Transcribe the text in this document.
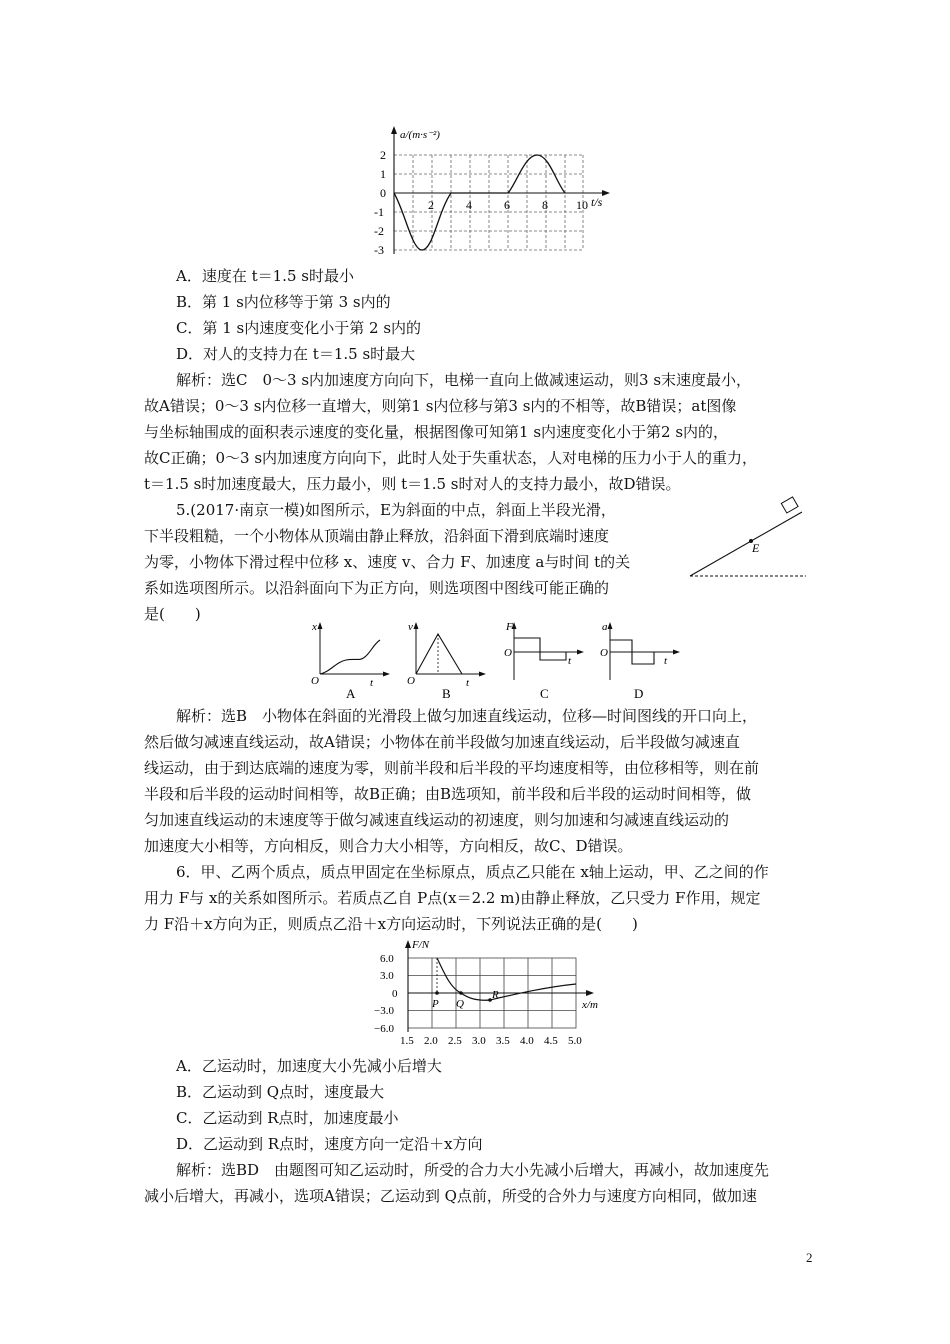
a/(m·s⁻²)
t/s
2
1
0
-1
-2
-3
2	4	6	8 10
A．速度在 t＝1.5 s时最小
B．第 1 s内位移等于第 3 s内的
C．第 1 s内速度变化小于第 2 s内的
D．对人的支持力在 t＝1.5 s时最大
解析：选C　0～3 s内加速度方向向下，电梯一直向上做减速运动，则3 s末速度最小，
故A错误；0～3 s内位移一直增大，则第1 s内位移与第3 s内的不相等，故B错误；at图像
与坐标轴围成的面积表示速度的变化量，根据图像可知第1 s内速度变化小于第2 s内的，
故C正确；0～3 s内加速度方向向下，此时人处于失重状态，人对电梯的压力小于人的重力，
t＝1.5 s时加速度最大，压力最小，则 t＝1.5 s时对人的支持力最小，故D错误。
5.(2017·南京一模)如图所示，E为斜面的中点，斜面上半段光滑，
下半段粗糙，一个小物体从顶端由静止释放，沿斜面下滑到底端时速度
为零，小物体下滑过程中位移 x、速度 v、合力 F、加速度 a与时间 t的关
系如选项图所示。以沿斜面向下为正方向，则选项图中图线可能正确的
是(　　)
E
x
t
O
A
v
t
O
B
F
t
O
C
a
t
O
D
解析：选B　小物体在斜面的光滑段上做匀加速直线运动，位移—时间图线的开口向上，
然后做匀减速直线运动，故A错误；小物体在前半段做匀加速直线运动，后半段做匀减速直
线运动，由于到达底端的速度为零，则前半段和后半段的平均速度相等，由位移相等，则在前
半段和后半段的运动时间相等，故B正确；由B选项知，前半段和后半段的运动时间相等，做
匀加速直线运动的末速度等于做匀减速直线运动的初速度，则匀加速和匀减速直线运动的
加速度大小相等，方向相反，则合力大小相等，方向相反，故C、D错误。
6．甲、乙两个质点，质点甲固定在坐标原点，质点乙只能在 x轴上运动，甲、乙之间的作
用力 F与 x的关系如图所示。若质点乙自 P点(x＝2.2 m)由静止释放，乙只受力 F作用，规定
力 F沿＋x方向为正，则质点乙沿＋x方向运动时，下列说法正确的是(　　)
P Q
R
F/N
x/m
6.0
3.0
0
−3.0
−6.0
1.5 2.0 2.5 3.0 3.5 4.0 4.5 5.0
A．乙运动时，加速度大小先减小后增大
B．乙运动到 Q点时，速度最大
C．乙运动到 R点时，加速度最小
D．乙运动到 R点时，速度方向一定沿＋x方向
解析：选BD　由题图可知乙运动时，所受的合力大小先减小后增大，再减小，故加速度先
减小后增大，再减小，选项A错误；乙运动到 Q点前，所受的合外力与速度方向相同，做加速
2
